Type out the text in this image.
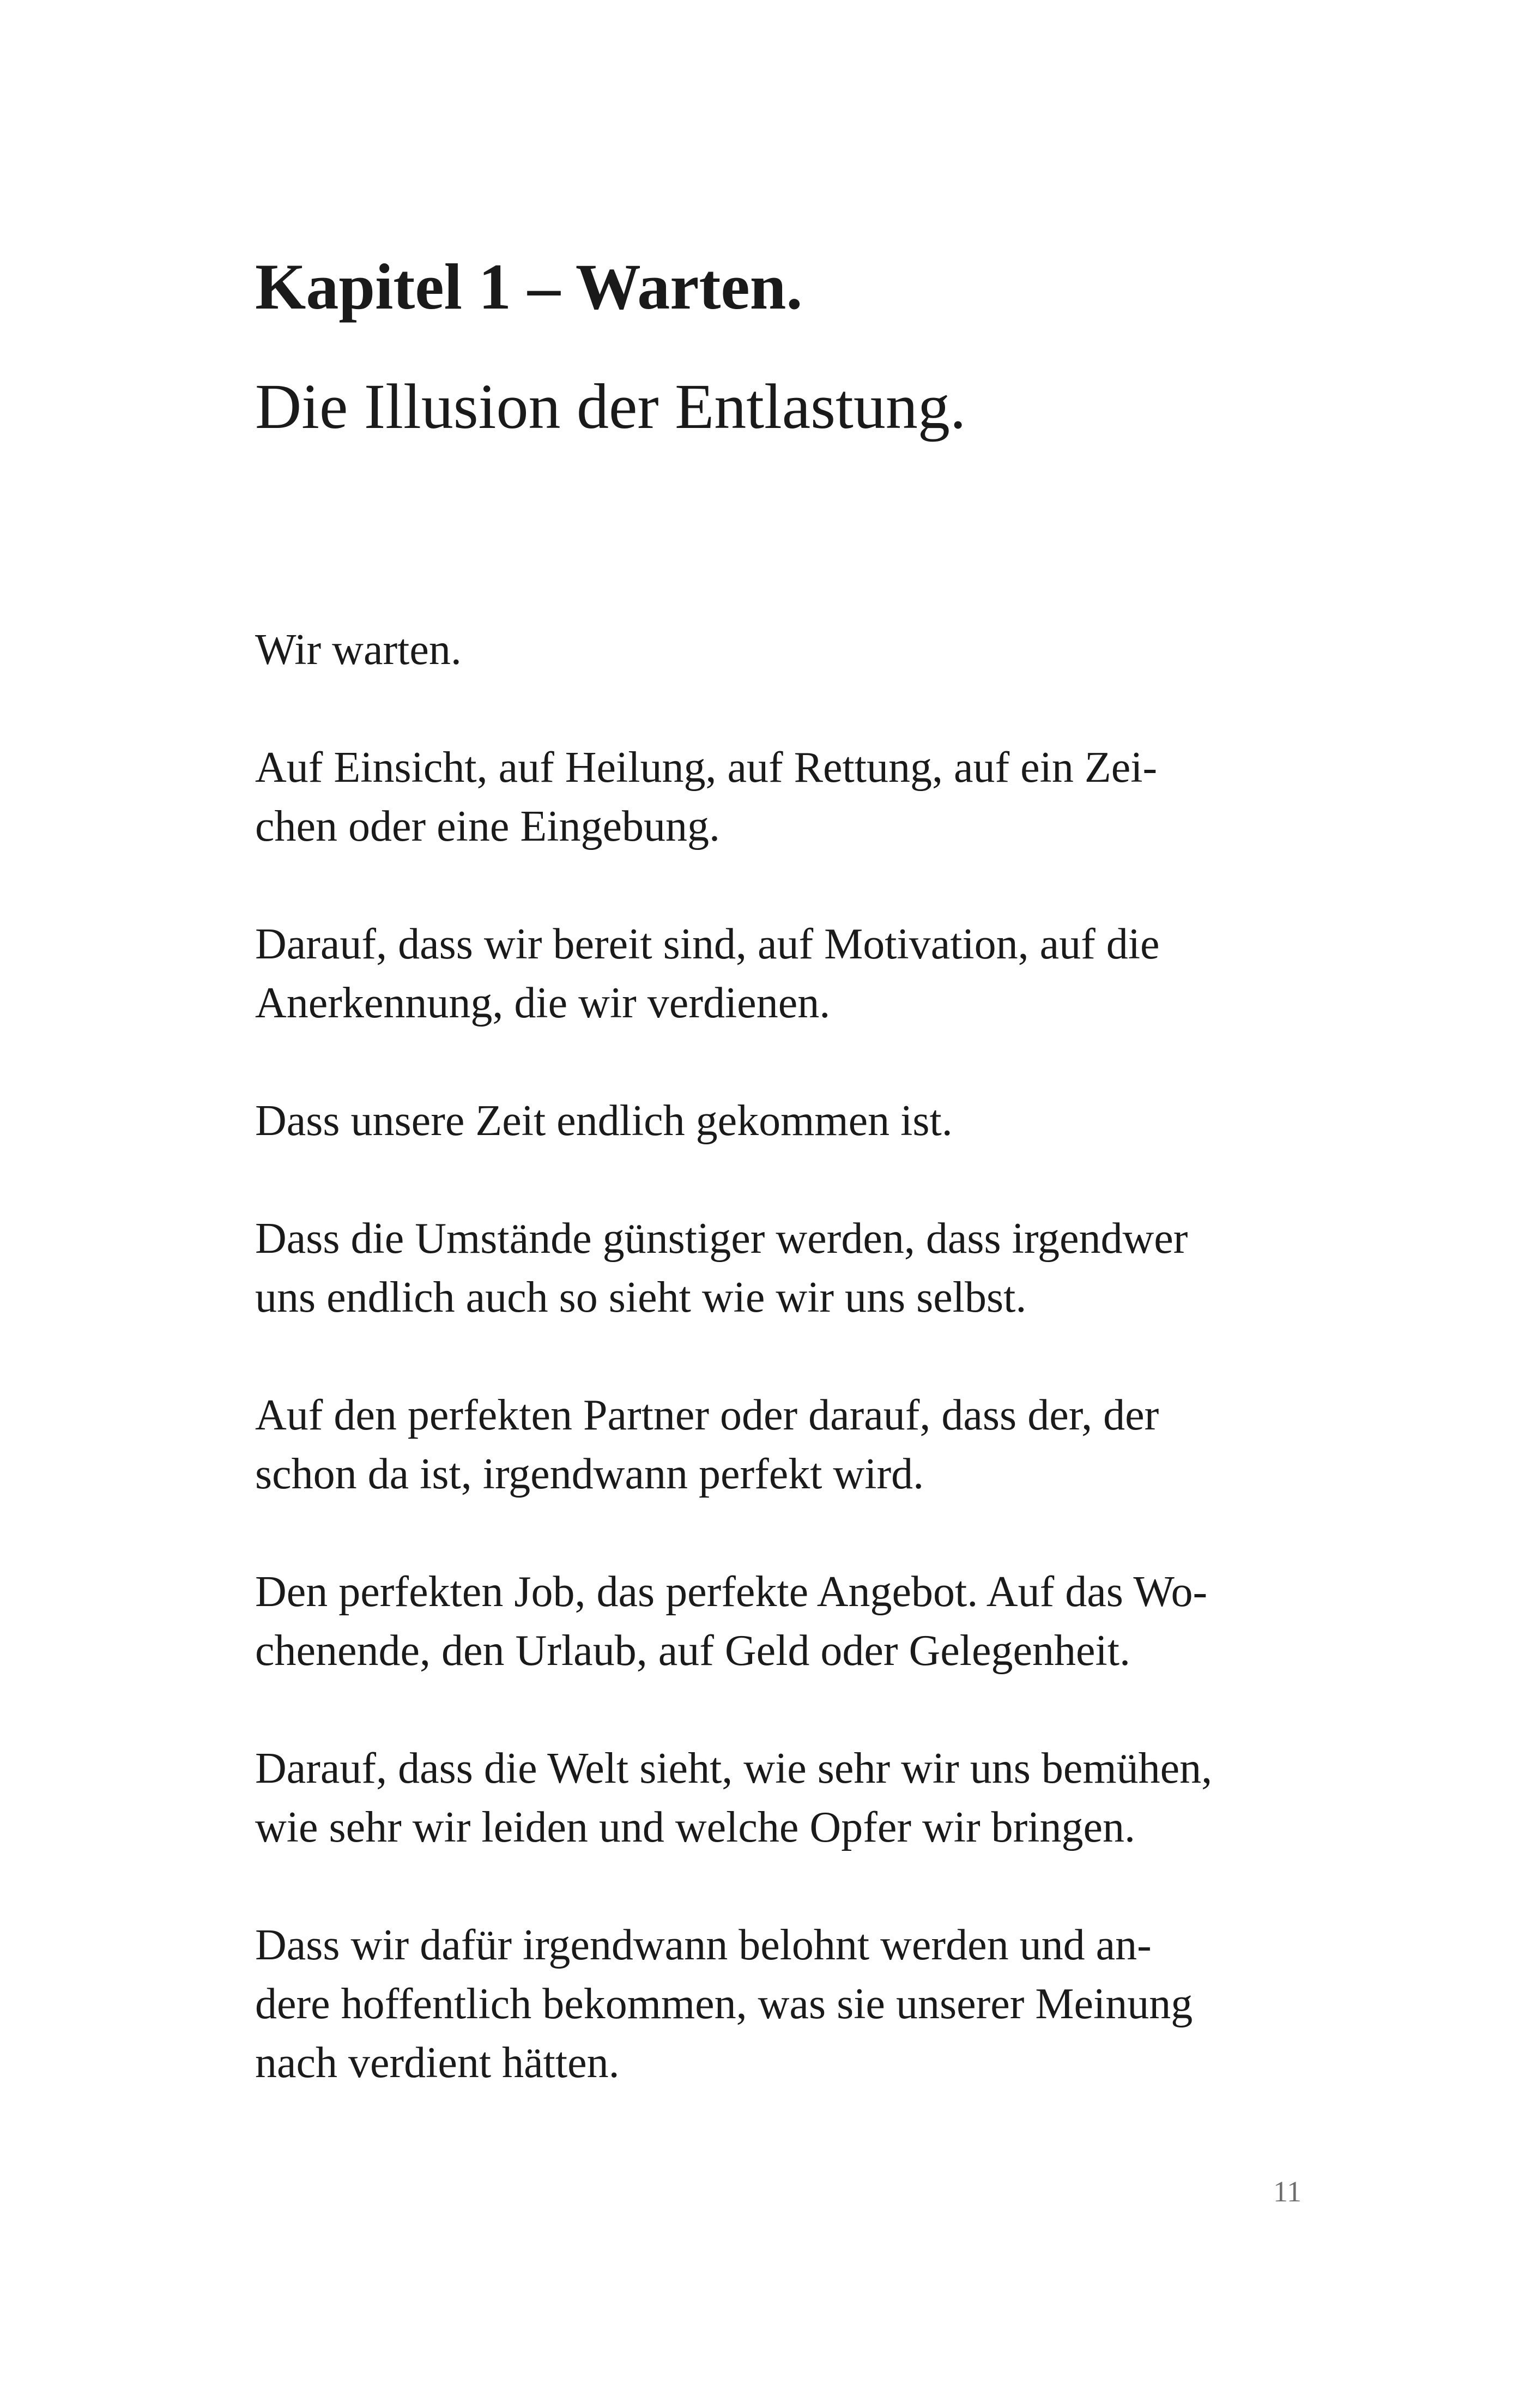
Kapitel 1 – Warten.
Die Illusion der Entlastung.

Wir warten.

Auf Einsicht, auf Heilung, auf Rettung, auf ein Zei-
chen oder eine Eingebung.

Darauf, dass wir bereit sind, auf Motivation, auf die
Anerkennung, die wir verdienen.

Dass unsere Zeit endlich gekommen ist.

Dass die Umstände günstiger werden, dass irgendwer
uns endlich auch so sieht wie wir uns selbst.

Auf den perfekten Partner oder darauf, dass der, der
schon da ist, irgendwann perfekt wird.

Den perfekten Job, das perfekte Angebot. Auf das Wo-
chenende, den Urlaub, auf Geld oder Gelegenheit.

Darauf, dass die Welt sieht, wie sehr wir uns bemühen,
wie sehr wir leiden und welche Opfer wir bringen.

Dass wir dafür irgendwann belohnt werden und an-
dere hoffentlich bekommen, was sie unserer Meinung
nach verdient hätten.

11
